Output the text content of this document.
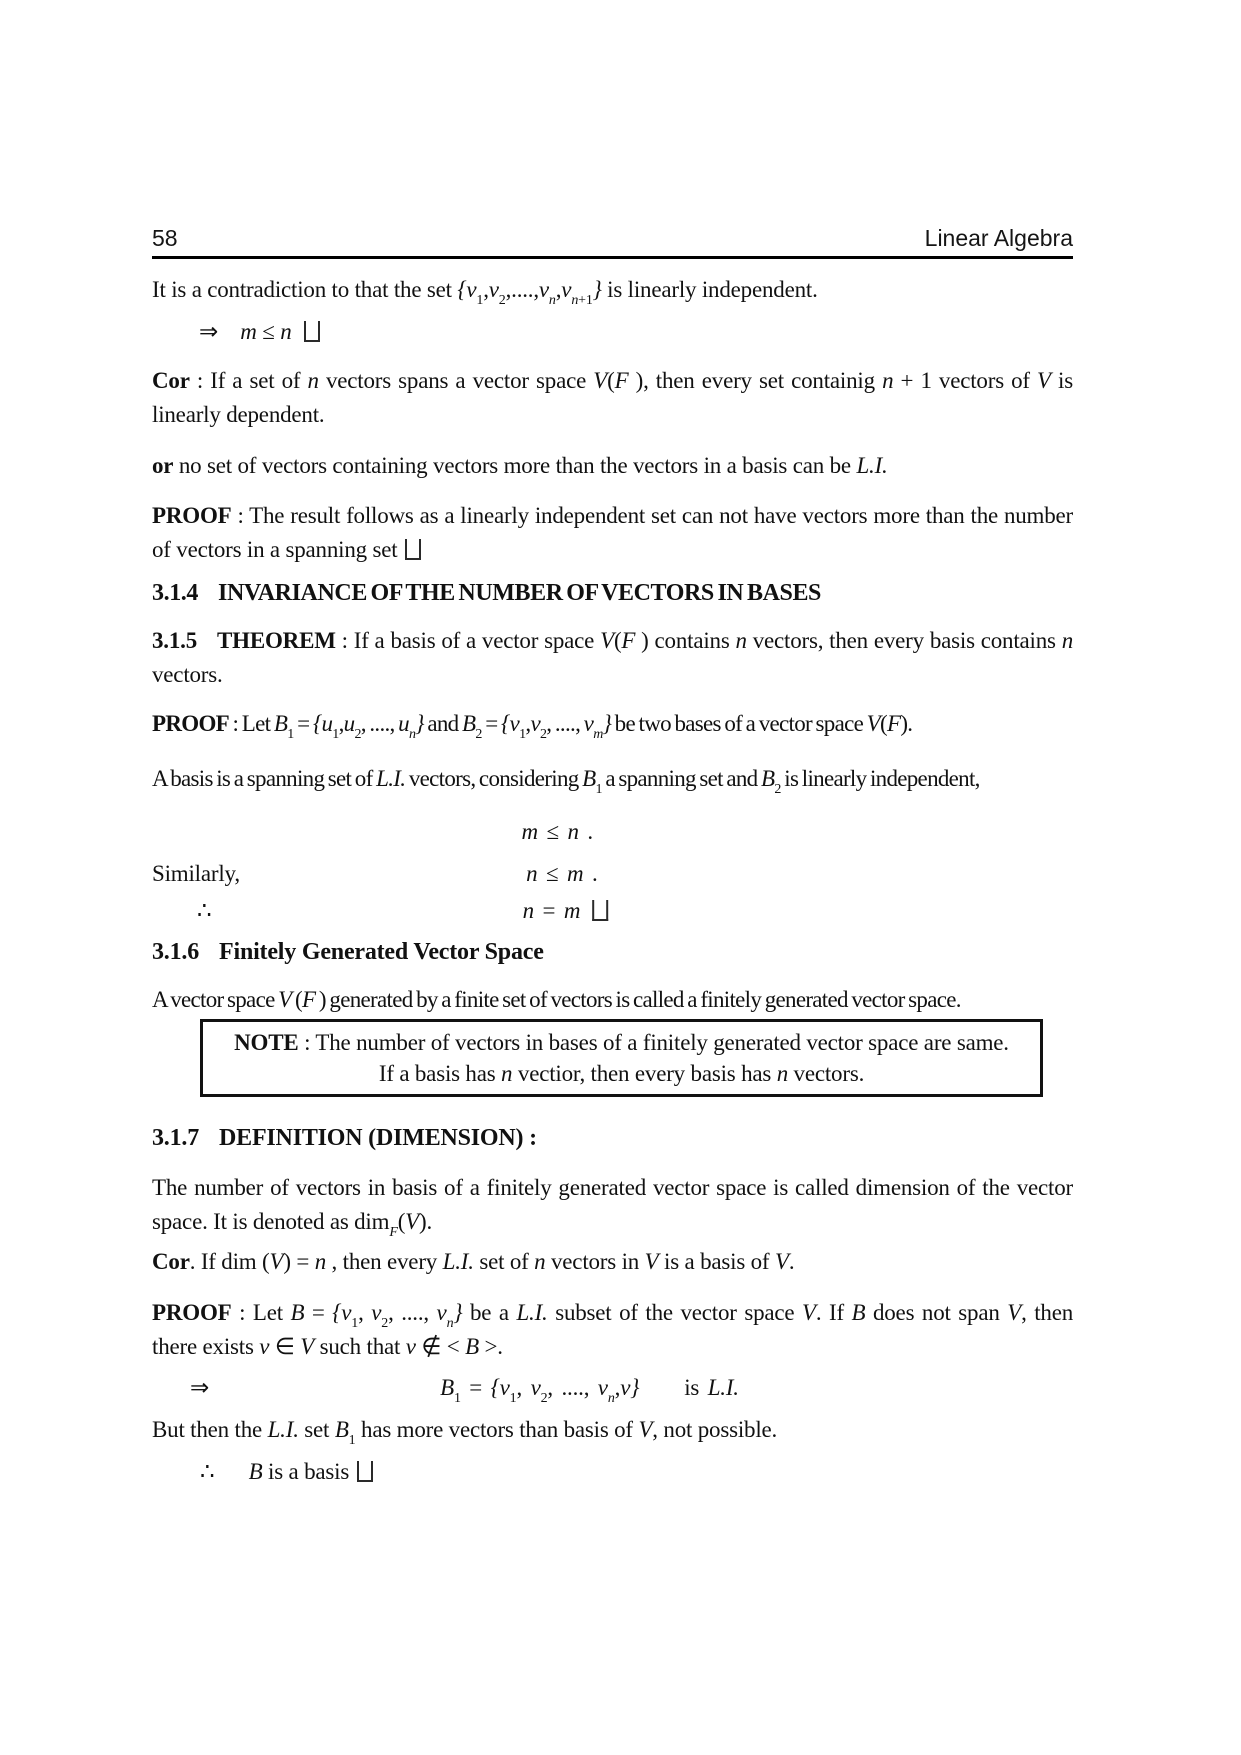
58	Linear Algebra
It is a contradiction to that the set $\{v_1,v_2,....,v_n,v_{n+1}\}$ is linearly independent.
⇒ m ≤ n
Cor : If a set of n vectors spans a vector space V(F ), then every set containig n + 1 vectors of V is linearly dependent.
or no set of vectors containing vectors more than the vectors in a basis can be L.I.
PROOF : The result follows as a linearly independent set can not have vectors more than the number of vectors in a spanning set
3.1.4 INVARIANCE OF THE NUMBER OF VECTORS IN BASES
3.1.5 THEOREM : If a basis of a vector space V(F ) contains n vectors, then every basis contains n vectors.
PROOF : Let $B_1 = \{u_1,u_2$, ...., $u_n$} and $B_2 = \{v_1,v_2$, ...., $v_m$} be two bases of a vector space V(F).
A basis is a spanning set of L.I. vectors, considering $B_1$ a spanning set and $B_2$ is linearly independent,
m ≤ n .
Similarly,	n ≤ m .
∴	n = m
3.1.6 Finitely Generated Vector Space
A vector space V (F ) generated by a finite set of vectors is called a finitely generated vector space.
NOTE : The number of vectors in bases of a finitely generated vector space are same.
If a basis has n vectior, then every basis has n vectors.
3.1.7 DEFINITION (DIMENSION) :
The number of vectors in basis of a finitely generated vector space is called dimension of the vector space. It is denoted as dim$_F$(V).
Cor. If dim (V) = n , then every L.I. set of n vectors in V is a basis of V.
PROOF : Let $B = \{v_1$, $v_2$, ...., $v_n$} be a L.I. subset of the vector space V. If B does not span V, then there exists v ∈ V such that v ∉ < B >.
⇒	$B_1 = \{v_1$, $v_2$, ...., $v_n,v$} is L.I.
But then the L.I. set $B_1$ has more vectors than basis of V, not possible.
∴ B is a basis
